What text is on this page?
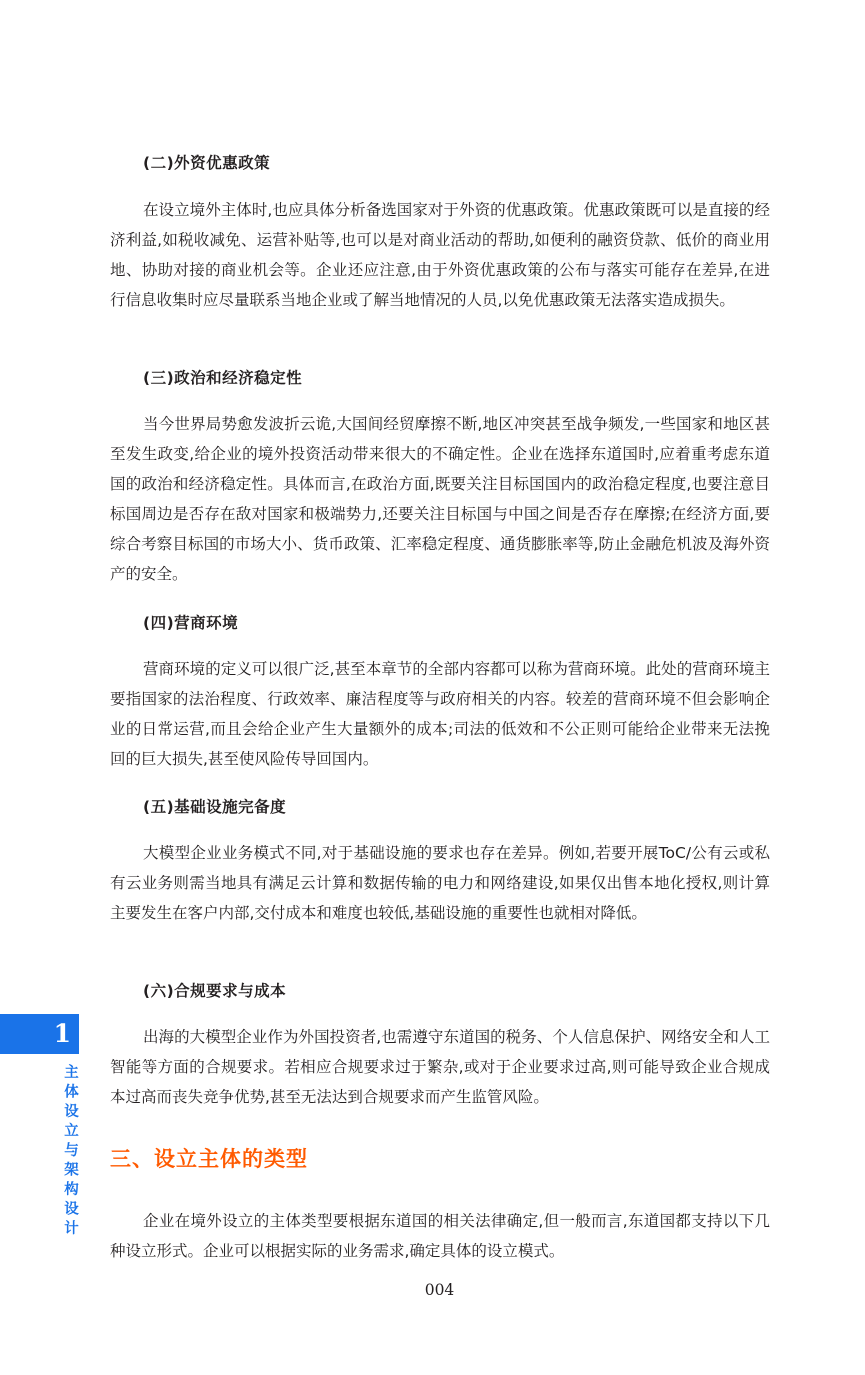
(二)外资优惠政策

在设立境外主体时,也应具体分析备选国家对于外资的优惠政策。优惠政策既可以是直接的经济利益,如税收减免、运营补贴等,也可以是对商业活动的帮助,如便利的融资贷款、低价的商业用地、协助对接的商业机会等。企业还应注意,由于外资优惠政策的公布与落实可能存在差异,在进行信息收集时应尽量联系当地企业或了解当地情况的人员,以免优惠政策无法落实造成损失。

(三)政治和经济稳定性

当今世界局势愈发波折云诡,大国间经贸摩擦不断,地区冲突甚至战争频发,一些国家和地区甚至发生政变,给企业的境外投资活动带来很大的不确定性。企业在选择东道国时,应着重考虑东道国的政治和经济稳定性。具体而言,在政治方面,既要关注目标国国内的政治稳定程度,也要注意目标国周边是否存在敌对国家和极端势力,还要关注目标国与中国之间是否存在摩擦;在经济方面,要综合考察目标国的市场大小、货币政策、汇率稳定程度、通货膨胀率等,防止金融危机波及海外资产的安全。

(四)营商环境

营商环境的定义可以很广泛,甚至本章节的全部内容都可以称为营商环境。此处的营商环境主要指国家的法治程度、行政效率、廉洁程度等与政府相关的内容。较差的营商环境不但会影响企业的日常运营,而且会给企业产生大量额外的成本;司法的低效和不公正则可能给企业带来无法挽回的巨大损失,甚至使风险传导回国内。

(五)基础设施完备度

大模型企业业务模式不同,对于基础设施的要求也存在差异。例如,若要开展ToC/公有云或私有云业务则需当地具有满足云计算和数据传输的电力和网络建设,如果仅出售本地化授权,则计算主要发生在客户内部,交付成本和难度也较低,基础设施的重要性也就相对降低。

(六)合规要求与成本

出海的大模型企业作为外国投资者,也需遵守东道国的税务、个人信息保护、网络安全和人工智能等方面的合规要求。若相应合规要求过于繁杂,或对于企业要求过高,则可能导致企业合规成本过高而丧失竞争优势,甚至无法达到合规要求而产生监管风险。

三、设立主体的类型

企业在境外设立的主体类型要根据东道国的相关法律确定,但一般而言,东道国都支持以下几种设立形式。企业可以根据实际的业务需求,确定具体的设立模式。

1
主体设立与架构设计
004
